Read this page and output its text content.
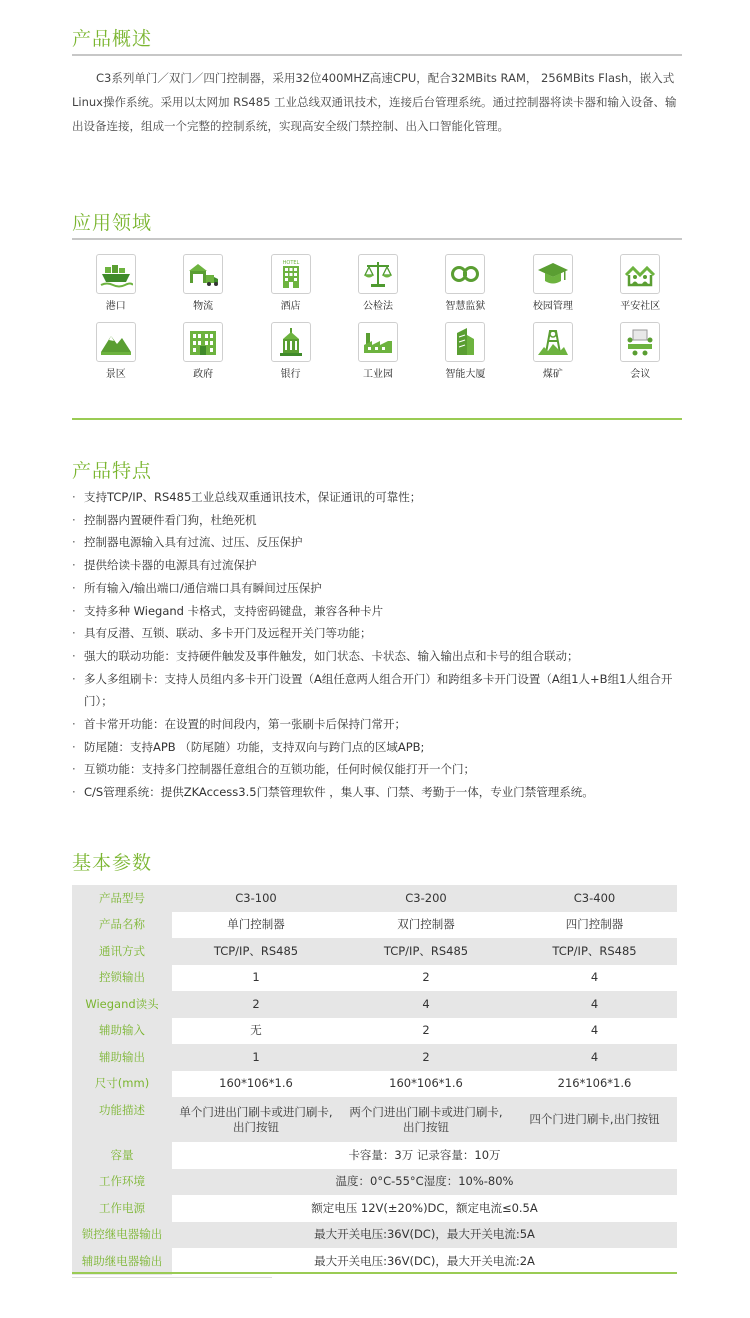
产品概述

C3系列单门／双门／四门控制器，采用32位400MHZ高速CPU，配合32MBits RAM， 256MBits Flash，嵌入式Linux操作系统。采用以太网加 RS485 工业总线双通讯技术，连接后台管理系统。通过控制器将读卡器和输入设备、输出设备连接，组成一个完整的控制系统，实现高安全级门禁控制、出入口智能化管理。

应用领域
港口	物流
HOTEL
酒店	公检法	智慧监狱	校园管理	平安社区
景区	政府	银行	工业园	智能大厦	煤矿	会议
产品特点
· 支持TCP/IP、RS485工业总线双重通讯技术，保证通讯的可靠性；
· 控制器内置硬件看门狗，杜绝死机
· 控制器电源输入具有过流、过压、反压保护
· 提供给读卡器的电源具有过流保护
· 所有输入/输出端口/通信端口具有瞬间过压保护
· 支持多种 Wiegand 卡格式，支持密码键盘，兼容各种卡片
· 具有反潜、互锁、联动、多卡开门及远程开关门等功能；
· 强大的联动功能：支持硬件触发及事件触发，如门状态、卡状态、输入输出点和卡号的组合联动；
· 多人多组刷卡：支持人员组内多卡开门设置（A组任意两人组合开门）和跨组多卡开门设置（A组1人+B组1人组合开门）；
· 首卡常开功能：在设置的时间段内，第一张刷卡后保持门常开；
· 防尾随：支持APB （防尾随）功能，支持双向与跨门点的区域APB;
· 互锁功能：支持多门控制器任意组合的互锁功能，任何时候仅能打开一个门；
· C/S管理系统：提供ZKAccess3.5门禁管理软件 ，集人事、门禁、考勤于一体，专业门禁管理系统。
基本参数
产品型号	C3-100	C3-200	C3-400
产品名称	单门控制器	双门控制器	四门控制器
通讯方式	TCP/IP、RS485	TCP/IP、RS485	TCP/IP、RS485
控锁输出	1	2	4
Wiegand读头	2	4	4
辅助输入	无	2	4
辅助输出	1	2	4
尺寸(mm)	160*106*1.6	160*106*1.6	216*106*1.6
功能描述	单个门进出门刷卡或进门刷卡,出门按钮	两个门进出门刷卡或进门刷卡,出门按钮	四个门进门刷卡,出门按钮
容量	卡容量：3万 记录容量：10万		
工作环境	温度：0°C-55°C湿度：10%-80%		
工作电源	额定电压 12V(±20%)DC，额定电流≤0.5A		
锁控继电器输出	最大开关电压:36V(DC)，最大开关电流:5A		
辅助继电器输出	最大开关电压:36V(DC)，最大开关电流:2A		
